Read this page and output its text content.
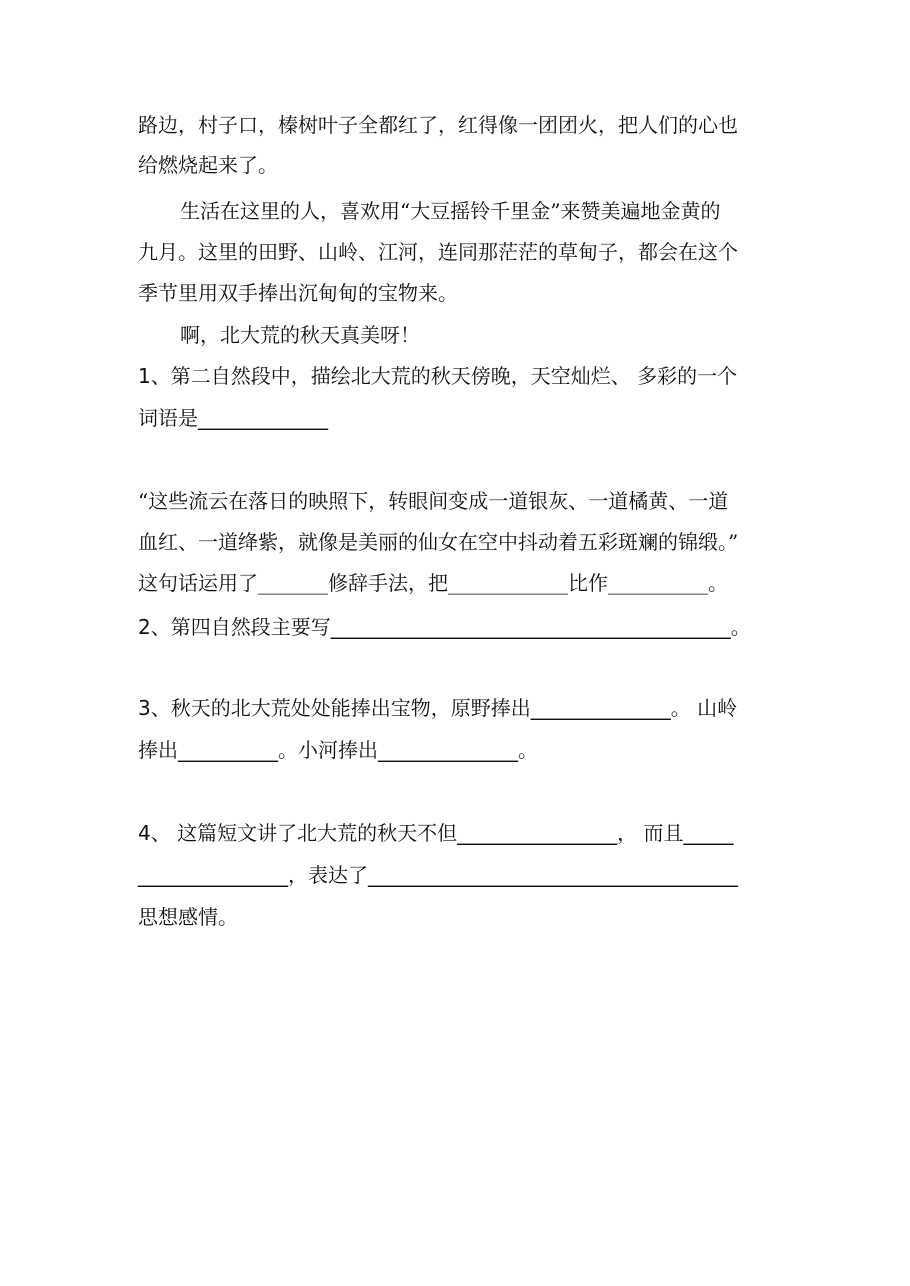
路边，村子口，榛树叶子全都红了，红得像一团团火，把人们的心也
给燃烧起来了。
生活在这里的人，喜欢用“大豆摇铃千里金”来赞美遍地金黄的
九月。这里的田野、山岭、江河，连同那茫茫的草甸子，都会在这个
季节里用双手捧出沉甸甸的宝物来。
啊，北大荒的秋天真美呀！
1、第二自然段中，描绘北大荒的秋天傍晚，天空灿烂、 多彩的一个
词语是_____________
“这些流云在落日的映照下，转眼间变成一道银灰、一道橘黄、一道
血红、一道绛紫，就像是美丽的仙女在空中抖动着五彩斑斓的锦缎。”
这句话运用了_______修辞手法，把____________比作__________。
2、第四自然段主要写________________________________________。
3、秋天的北大荒处处能捧出宝物，原野捧出______________。 山岭
捧出__________。小河捧出______________。
4、 这篇短文讲了北大荒的秋天不但________________， 而且_____
_______________，表达了_____________________________________
思想感情。
